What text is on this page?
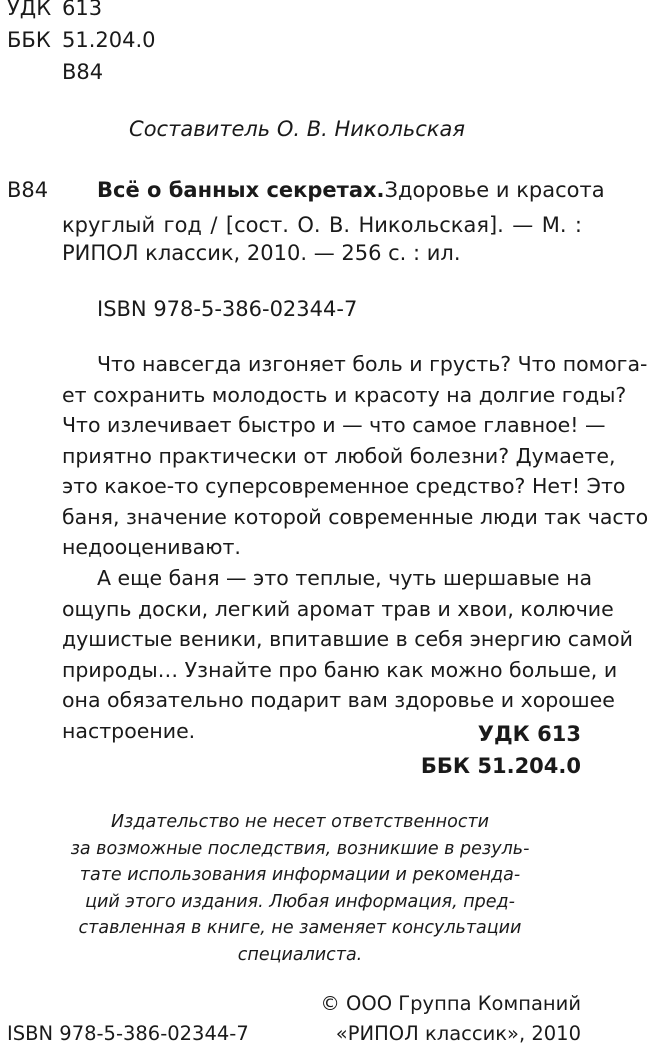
УДК 613
ББК 51.204.0
В84
Составитель О. В. Никольская
В84 Всё о банных секретах. Здоровье и красота
круглый год / [сост. О. В. Никольская]. — М. :
РИПОЛ классик, 2010. — 256 с. : ил.
ISBN 978-5-386-02344-7
Что навсегда изгоняет боль и грусть? Что помога-
ет сохранить молодость и красоту на долгие годы?
Что излечивает быстро и — что самое главное! —
приятно практически от любой болезни? Думаете,
это какое-то суперсовременное средство? Нет! Это
баня, значение которой современные люди так часто
недооценивают.
А еще баня — это теплые, чуть шершавые на
ощупь доски, легкий аромат трав и хвои, колючие
душистые веники, впитавшие в себя энергию самой
природы… Узнайте про баню как можно больше, и
она обязательно подарит вам здоровье и хорошее
настроение.	УДК 613
ББК 51.204.0
Издательство не несет ответственности
за возможные последствия, возникшие в резуль-
тате использования информации и рекоменда-
ций этого издания. Любая информация, пред-
ставленная в книге, не заменяет консультации
специалиста.
© ООО Группа Компаний
ISBN 978-5-386-02344-7	«РИПОЛ классик», 2010
